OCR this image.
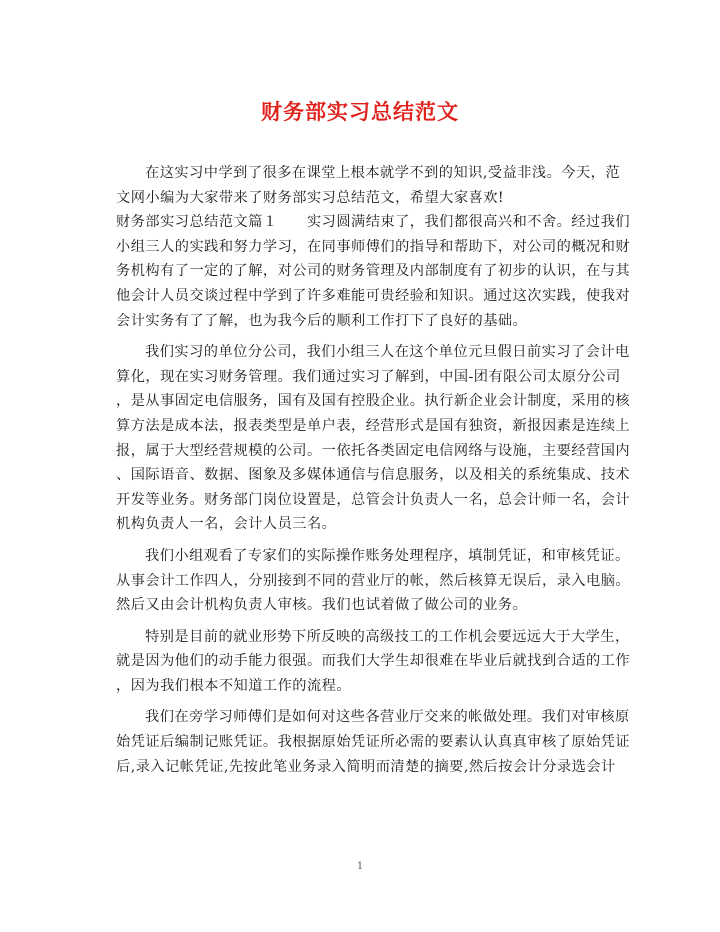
财务部实习总结范文
在这实习中学到了很多在课堂上根本就学不到的知识,受益非浅。今天，范
文网小编为大家带来了财务部实习总结范文，希望大家喜欢!
财务部实习总结范文篇１　　实习圆满结束了，我们都很高兴和不舍。经过我们
小组三人的实践和努力学习，在同事师傅们的指导和帮助下，对公司的概况和财
务机构有了一定的了解，对公司的财务管理及内部制度有了初步的认识，在与其
他会计人员交谈过程中学到了许多难能可贵经验和知识。通过这次实践，使我对
会计实务有了了解，也为我今后的顺利工作打下了良好的基础。
我们实习的单位分公司，我们小组三人在这个单位元旦假日前实习了会计电
算化，现在实习财务管理。我们通过实习了解到，中国-团有限公司太原分公司
，是从事固定电信服务，国有及国有控股企业。执行新企业会计制度，采用的核
算方法是成本法，报表类型是单户表，经营形式是国有独资，新报因素是连续上
报，属于大型经营规模的公司。一依托各类固定电信网络与设施，主要经营国内
、国际语音、数据、图象及多媒体通信与信息服务，以及相关的系统集成、技术
开发等业务。财务部门岗位设置是，总管会计负责人一名，总会计师一名，会计
机构负责人一名，会计人员三名。
我们小组观看了专家们的实际操作账务处理程序，填制凭证，和审核凭证。
从事会计工作四人，分别接到不同的营业厅的帐，然后核算无误后，录入电脑。
然后又由会计机构负责人审核。我们也试着做了做公司的业务。
特别是目前的就业形势下所反映的高级技工的工作机会要远远大于大学生，
就是因为他们的动手能力很强。而我们大学生却很难在毕业后就找到合适的工作
，因为我们根本不知道工作的流程。
我们在旁学习师傅们是如何对这些各营业厅交来的帐做处理。我们对审核原
始凭证后编制记账凭证。我根据原始凭证所必需的要素认认真真审核了原始凭证
后,录入记帐凭证,先按此笔业务录入简明而清楚的摘要,然后按会计分录选会计
1
